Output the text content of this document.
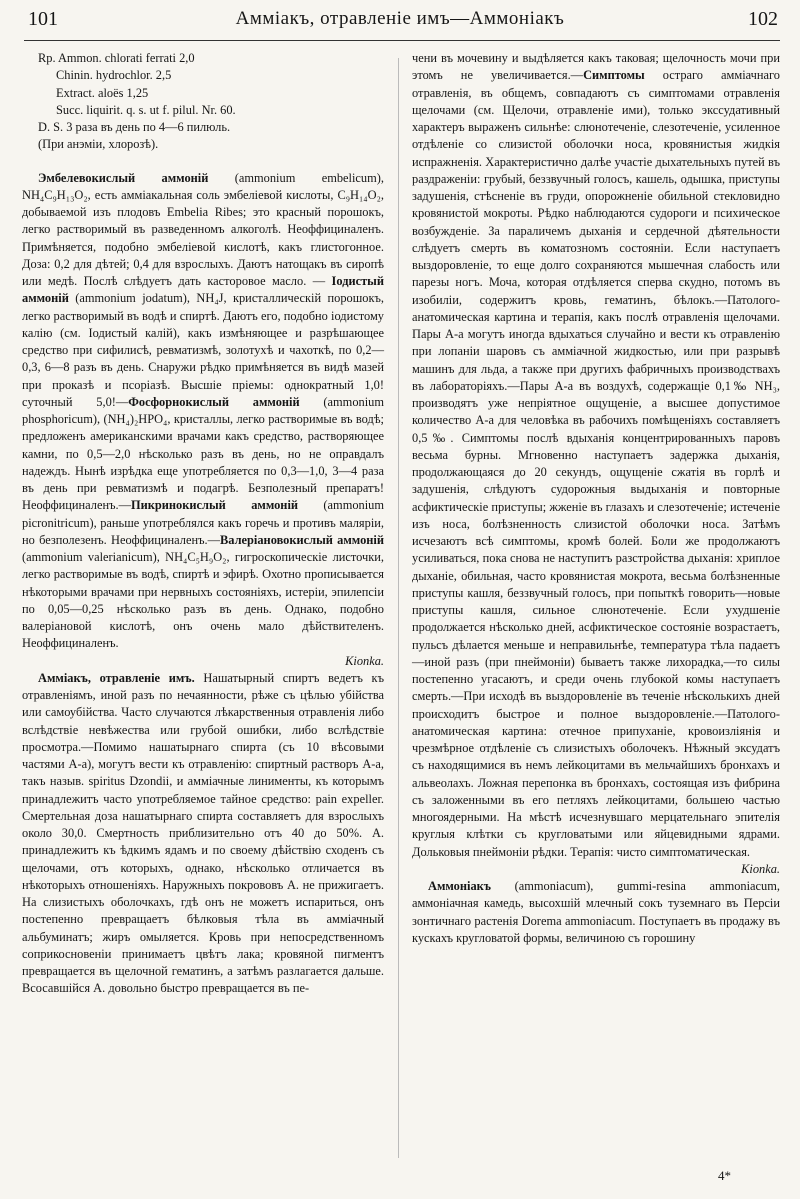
101	Амміакъ, отравленіе имъ—Аммоніакъ	102
Rp. Ammon. chlorati ferrati 2,0
Chinin. hydrochlor. 2,5
Extract. aloës 1,25
Succ. liquirit. q. s. ut f. pilul. Nr. 60.
D. S. 3 раза въ день по 4—6 пилюль.
(При анэміи, хлорозѣ).

Эмбелевокислый аммоній (ammonium embelicum), NH₄C₉H₁₃O₂, есть амміакальная соль эмбеліевой кислоты, C₉H₁₄O₂, добываемой изъ плодовъ Embelia Ribes; это красный порошокъ, легко растворимый въ разведенномъ алкоголѣ. Неоффициналенъ. Примѣняется, подобно эмбеліевой кислотѣ, какъ глистогонное. Доза: 0,2 для дѣтей; 0,4 для взрослыхъ. Даютъ натощакъ въ сиропѣ или медѣ. Послѣ слѣдуетъ дать касторовое масло. — Іодистый аммоній (ammonium jodatum), NH₄J, кристаллическій порошокъ, легко растворимый въ водѣ и спиртѣ. Даютъ его, подобно іодистому калію (см. Іодистый калій), какъ измѣняющее и разрѣшающее средство при сифилисѣ, ревматизмѣ, золотухѣ и чахоткѣ, по 0,2—0,3, 6—8 разъ въ день. Снаружи рѣдко примѣняется въ видѣ мазей при проказѣ и псоріазѣ. Высшіе пріемы: однократный 1,0! суточный 5,0!—Фосфорнокислый аммоній (ammonium phosphoricum), (NH₄)₂HPO₄, кристаллы, легко растворимые въ водѣ; предложенъ американскими врачами какъ средство, растворяющее камни, по 0,5—2,0 нѣсколько разъ въ день, но не оправдалъ надеждъ. Нынѣ изрѣдка еще употребляется по 0,3—1,0, 3—4 раза въ день при ревматизмѣ и подагрѣ. Безполезный препаратъ! Неоффициналенъ.—Пикринокислый аммоній (ammonium picronitricum), раньше употреблялся какъ горечь и противъ маляріи, но безполезенъ. Неоффициналенъ.—Валеріановокислый аммоній (ammonium valerianicum), NH₄C₅H₉O₂, гигроскопическіе листочки, легко растворимые въ водѣ, спиртѣ и эфирѣ. Охотно прописывается нѣкоторыми врачами при нервныхъ состояніяхъ, истеріи, эпилепсіи по 0,05—0,25 нѣсколько разъ въ день. Однако, подобно валеріановой кислотѣ, онъ очень мало дѣйствителенъ. Неоффициналенъ.

Kionka.

Амміакъ, отравленіе имъ. Нашатырный спиртъ ведетъ къ отравленіямъ, иной разъ по нечаянности, рѣже съ цѣлью убійства или самоубійства. Часто случаются лѣкарственныя отравленія либо вслѣдствіе невѣжества или грубой ошибки, либо вслѣдствіе просмотра.—Помимо нашатырнаго спирта (съ 10 вѣсовыми частями A-a), могутъ вести къ отравленію: спиртный растворъ A-a, такъ назыв. spiritus Dzondii, и амміачные линименты, къ которымъ принадлежитъ часто употребляемое тайное средство: pain expeller. Смертельная доза нашатырнаго спирта составляетъ для взрослыхъ около 30,0. Смертность приблизительно отъ 40 до 50%. A. принадлежитъ къ ѣдкимъ ядамъ и по своему дѣйствію сходенъ съ щелочами, отъ которыхъ, однако, нѣсколько отличается въ нѣкоторыхъ отношеніяхъ. Наружныхъ покрововъ A. не прижигаетъ. На слизистыхъ оболочкахъ, гдѣ онъ не можетъ испариться, онъ постепенно превращаетъ бѣлковыя тѣла въ амміачный альбуминатъ; жиръ омыляется. Кровь при непосредственномъ соприкосновеніи принимаетъ цвѣтъ лака; кровяной пигментъ превращается въ щелочной гематинъ, а затѣмъ разлагается дальше. Всосавшійся A. довольно быстро превращается въ пе-

чени въ мочевину и выдѣляется какъ таковая; щелочность мочи при этомъ не увеличивается.—Симптомы остраго амміачнаго отравленія, въ общемъ, совпадаютъ съ симптомами отравленія щелочами (см. Щелочи, отравленіе ими), только экссудативный характеръ выраженъ сильнѣе: слюнотеченіе, слезотеченіе, усиленное отдѣленіе со слизистой оболочки носа, кровянистыя жидкія испражненія. Характеристично далѣе участіе дыхательныхъ путей въ раздраженіи: грубый, беззвучный голосъ, кашель, одышка, приступы задушенія, стѣсненіе въ груди, опорожненіе обильной стекловидно кровянистой мокроты. Рѣдко наблюдаются судороги и психическое возбужденіе. За параличемъ дыханія и сердечной дѣятельности слѣдуетъ смерть въ коматозномъ состояніи. Если наступаетъ выздоровленіе, то еще долго сохраняются мышечная слабость или парезы ногъ. Моча, которая отдѣляется сперва скудно, потомъ въ изобиліи, содержитъ кровь, гематинъ, бѣлокъ.—Патолого-анатомическая картина и терапія, какъ послѣ отравленія щелочами. Пары A-a могутъ иногда вдыхаться случайно и вести къ отравленію при лопаніи шаровъ съ амміачной жидкостью, или при разрывѣ машинъ для льда, а также при другихъ фабричныхъ производствахъ въ лабораторіяхъ.—Пары A-a въ воздухѣ, содержащіе 0,1‰ NH₃, производятъ уже непріятное ощущеніе, а высшее допустимое количество A-a для человѣка въ рабочихъ помѣщеніяхъ составляетъ 0,5‰. Симптомы послѣ вдыханія концентрированныхъ паровъ весьма бурны. Мгновенно наступаетъ задержка дыханія, продолжающаяся до 20 секундъ, ощущеніе сжатія въ горлѣ и задушенія, слѣдуютъ судорожныя выдыханія и повторные асфиктическіе приступы; жженіе въ глазахъ и слезотеченіе; истеченіе изъ носа, болѣзненность слизистой оболочки носа. Затѣмъ исчезаютъ всѣ симптомы, кромѣ болей. Боли же продолжаютъ усиливаться, пока снова не наступитъ разстройства дыханія: хриплое дыханіе, обильная, часто кровянистая мокрота, весьма болѣзненные приступы кашля, беззвучный голосъ, при попыткѣ говорить—новые приступы кашля, сильное слюнотеченіе. Если ухудшеніе продолжается нѣсколько дней, асфиктическое состояніе возрастаетъ, пульсъ дѣлается меньше и неправильнѣе, температура тѣла падаетъ—иной разъ (при пнеймоніи) бываетъ также лихорадка,—то силы постепенно угасаютъ, и среди очень глубокой комы наступаетъ смерть.—При исходѣ въ выздоровленіе въ теченіе нѣсколькихъ дней происходитъ быстрое и полное выздоровленіе.—Патолого-анатомическая картина: отечное припуханіе, кровоизліянія и чрезмѣрное отдѣленіе съ слизистыхъ оболочекъ. Нѣжный эксудатъ съ находящимися въ немъ лейкоцитами въ мельчайшихъ бронхахъ и альвеолахъ. Ложная перепонка въ бронхахъ, состоящая изъ фибрина съ заложенными въ его петляхъ лейкоцитами, большею частью многоядерными. На мѣстѣ исчезнувшаго мерцательнаго эпителія круглыя клѣтки съ кругловатыми или яйцевидными ядрами. Дольковыя пнеймоніи рѣдки. Терапія: чисто симптоматическая.

Kionka.

Аммоніакъ (ammoniacum), gummi-resina ammoniacum, аммоніачная камедь, высохшій млечный сокъ туземнаго въ Персіи зонтичнаго растенія Dorema ammoniacum. Поступаетъ въ продажу въ кускахъ кругловатой формы, величиною съ горошину

4*
